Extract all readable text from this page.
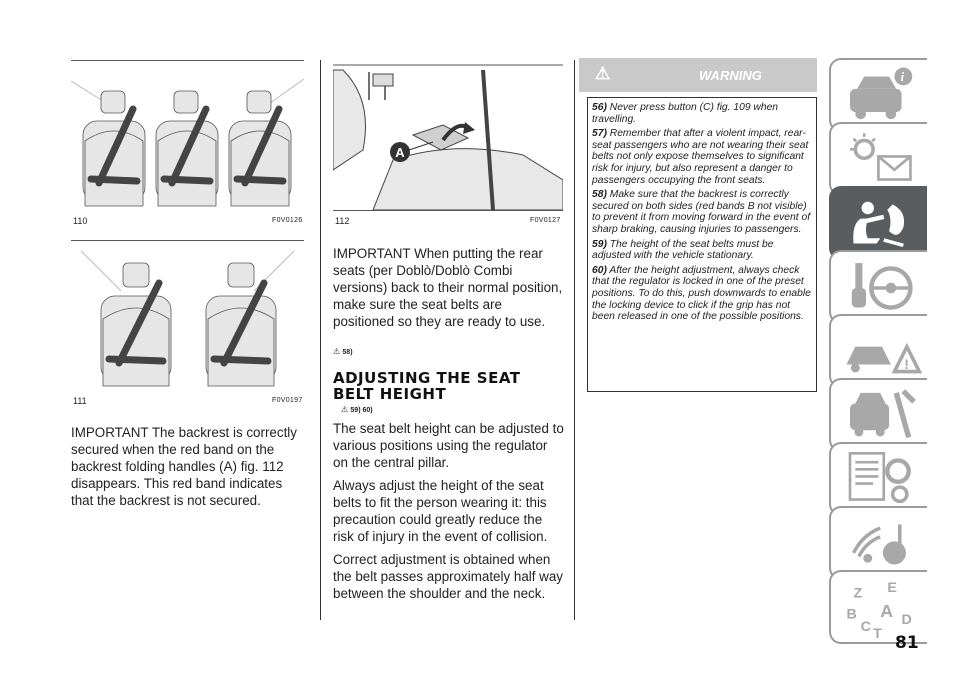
110	F0V0126
111	F0V0197

IMPORTANT The backrest is correctly secured when the red band on the backrest folding handles (A) fig. 112 disappears. This red band indicates that the backrest is not secured.

A
112	F0V0127

IMPORTANT When putting the rear seats (per Doblò/Doblò Combi versions) back to their normal position, make sure the seat belts are positioned so they are ready to use.

⚠ 58)
ADJUSTING THE SEAT
BELT HEIGHT
⚠ 59) 60)

The seat belt height can be adjusted to various positions using the regulator on the central pillar.

Always adjust the height of the seat belts to fit the person wearing it: this precaution could greatly reduce the risk of injury in the event of collision.

Correct adjustment is obtained when the belt passes approximately half way between the shoulder and the neck.

⚠	WARNING

56) Never press button (C) fig. 109 when travelling.

57) Remember that after a violent impact, rear-seat passengers who are not wearing their seat belts not only expose themselves to significant risk for injury, but also represent a danger to passengers occupying the front seats.

58) Make sure that the backrest is correctly secured on both sides (red bands B not visible) to prevent it from moving forward in the event of sharp braking, causing injuries to passengers.

59) The height of the seat belts must be adjusted with the vehicle stationary.

60) After the height adjustment, always check that the regulator is locked in one of the preset positions. To do this, push downwards to enable the locking device to click if the grip has not been released in one of the possible positions.

i
!
Z E
B A
C D
T 81
